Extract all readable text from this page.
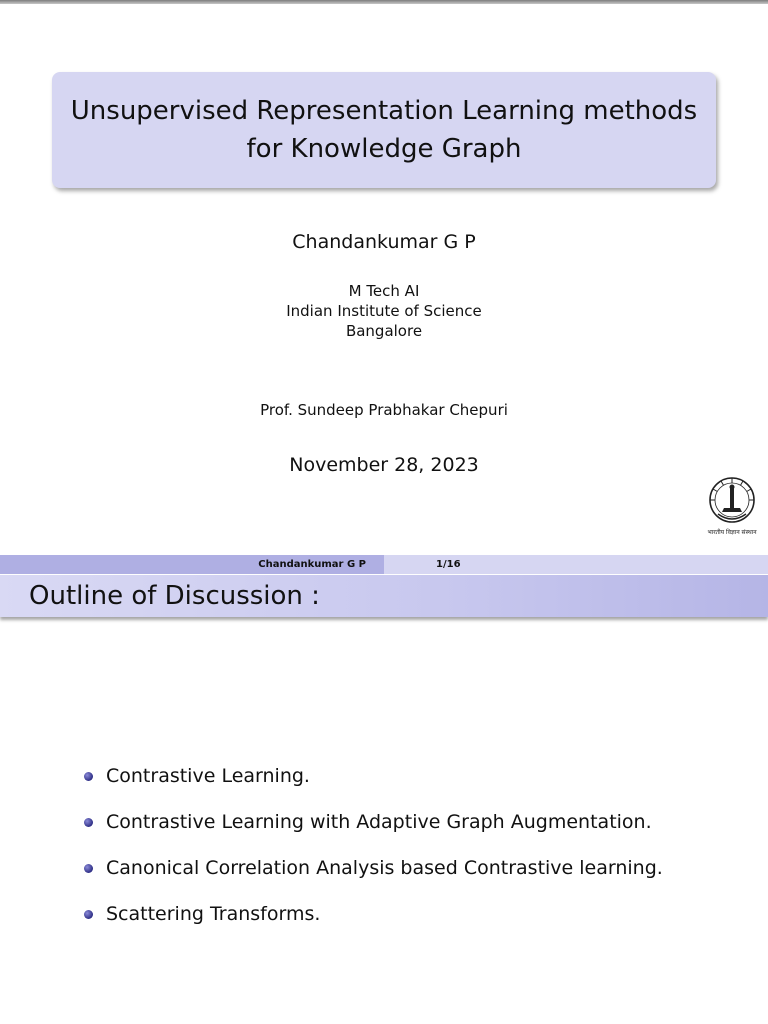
Unsupervised Representation Learning methods
for Knowledge Graph
Chandankumar G P
M Tech AI
Indian Institute of Science
Bangalore
Prof. Sundeep Prabhakar Chepuri
November 28, 2023
भारतीय विज्ञान संस्थान
Chandankumar G P	1/16
Outline of Discussion :
Contrastive Learning.
Contrastive Learning with Adaptive Graph Augmentation.
Canonical Correlation Analysis based Contrastive learning.
Scattering Transforms.
